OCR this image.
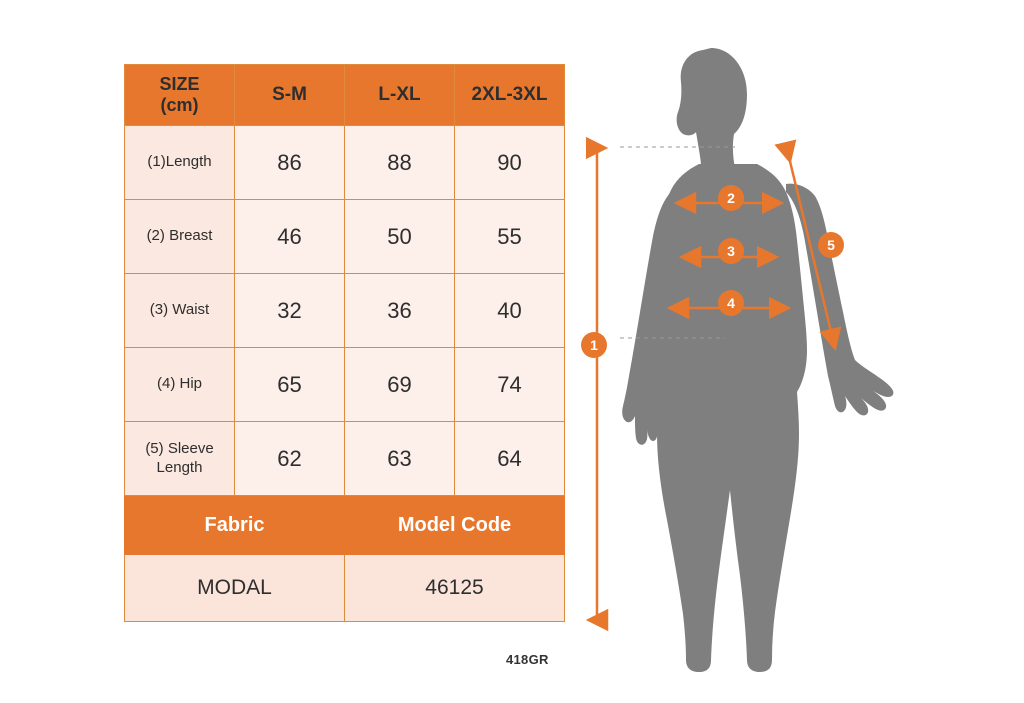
SIZE
(cm)	S-M	L-XL	2XL-3XL
(1)Length	86	88	90
(2) Breast	46	50	55
(3) Waist	32	36	40
(4) Hip	65	69	74
(5) Sleeve Length	62	63	64
Fabric		Model Code	
MODAL		46125	
418GR
1
2
3
4
5
